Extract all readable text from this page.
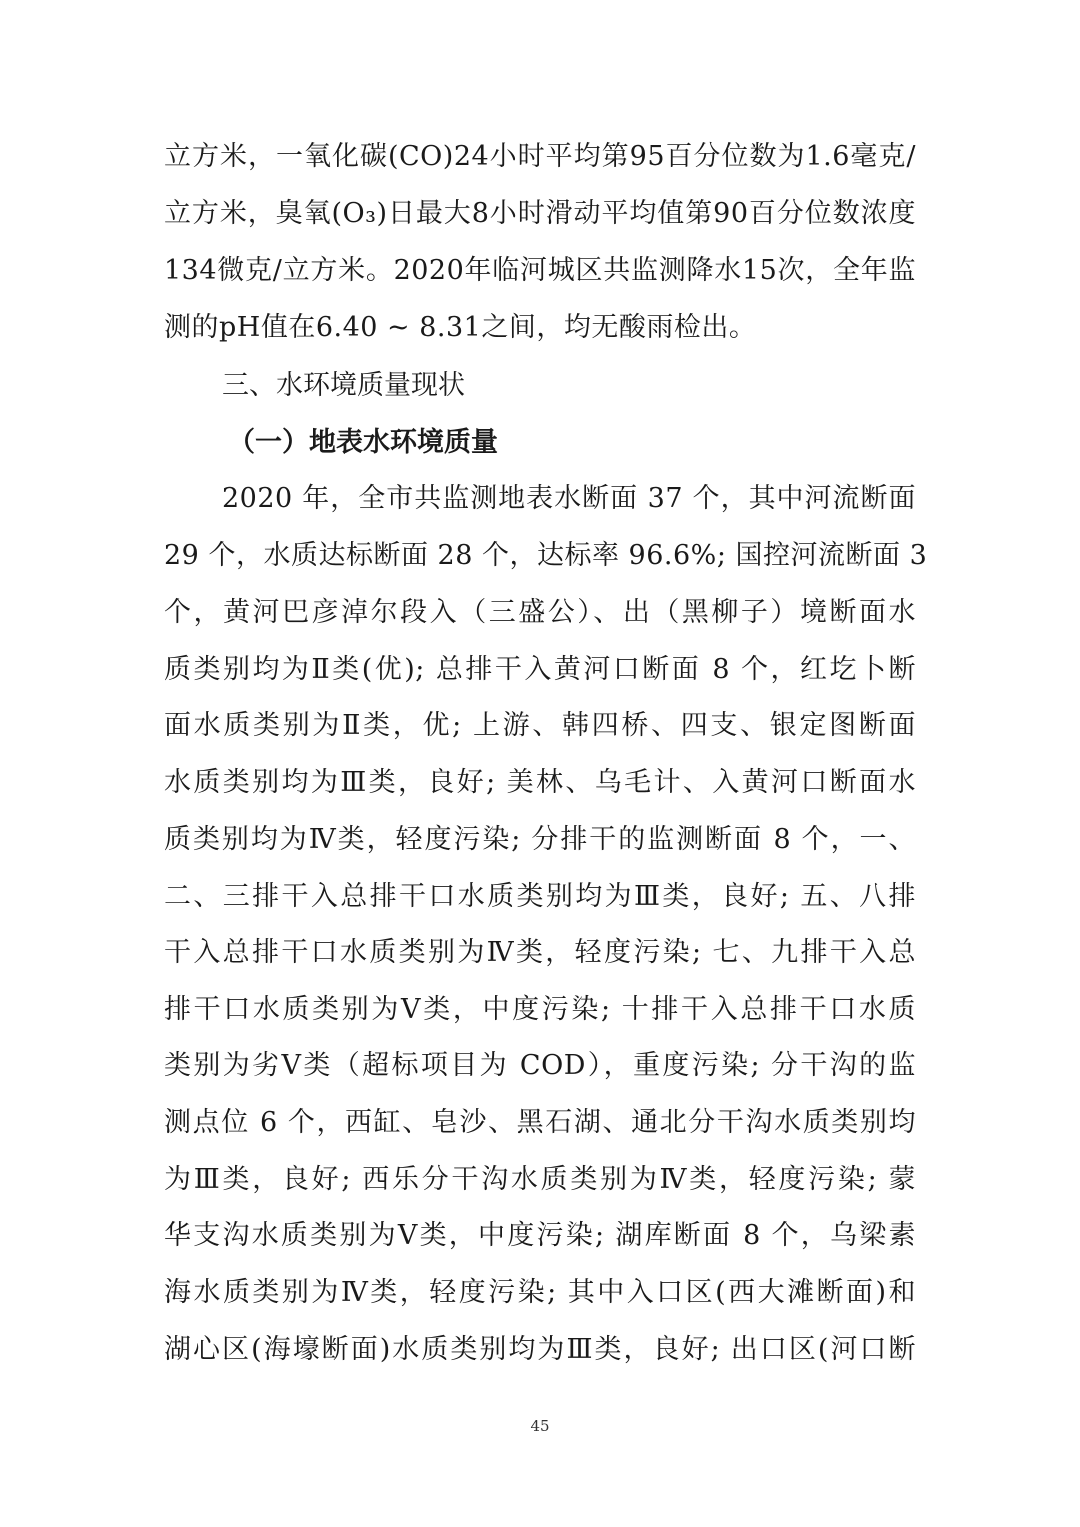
立方米，一氧化碳(CO)24小时平均第95百分位数为1.6毫克/
立方米，臭氧(O₃)日最大8小时滑动平均值第90百分位数浓度
134微克/立方米。2020年临河城区共监测降水15次，全年监
测的pH值在6.40 ~ 8.31之间，均无酸雨检出。
三、水环境质量现状
（一）地表水环境质量
2020 年，全市共监测地表水断面 37 个，其中河流断面
29 个，水质达标断面 28 个，达标率 96.6%; 国控河流断面 3
个，黄河巴彦淖尔段入（三盛公）、出（黑柳子）境断面水
质类别均为Ⅱ类(优); 总排干入黄河口断面 8 个，红圪卜断
面水质类别为Ⅱ类，优; 上游、韩四桥、四支、银定图断面
水质类别均为Ⅲ类，良好; 美林、乌毛计、入黄河口断面水
质类别均为Ⅳ类，轻度污染; 分排干的监测断面 8 个，一、
二、三排干入总排干口水质类别均为Ⅲ类，良好; 五、八排
干入总排干口水质类别为Ⅳ类，轻度污染; 七、九排干入总
排干口水质类别为Ⅴ类，中度污染; 十排干入总排干口水质
类别为劣Ⅴ类（超标项目为 COD），重度污染; 分干沟的监
测点位 6 个，西缸、皂沙、黑石湖、通北分干沟水质类别均
为Ⅲ类，良好; 西乐分干沟水质类别为Ⅳ类，轻度污染; 蒙
华支沟水质类别为Ⅴ类，中度污染; 湖库断面 8 个，乌梁素
海水质类别为Ⅳ类，轻度污染; 其中入口区(西大滩断面)和
湖心区(海壕断面)水质类别均为Ⅲ类，良好; 出口区(河口断
45
